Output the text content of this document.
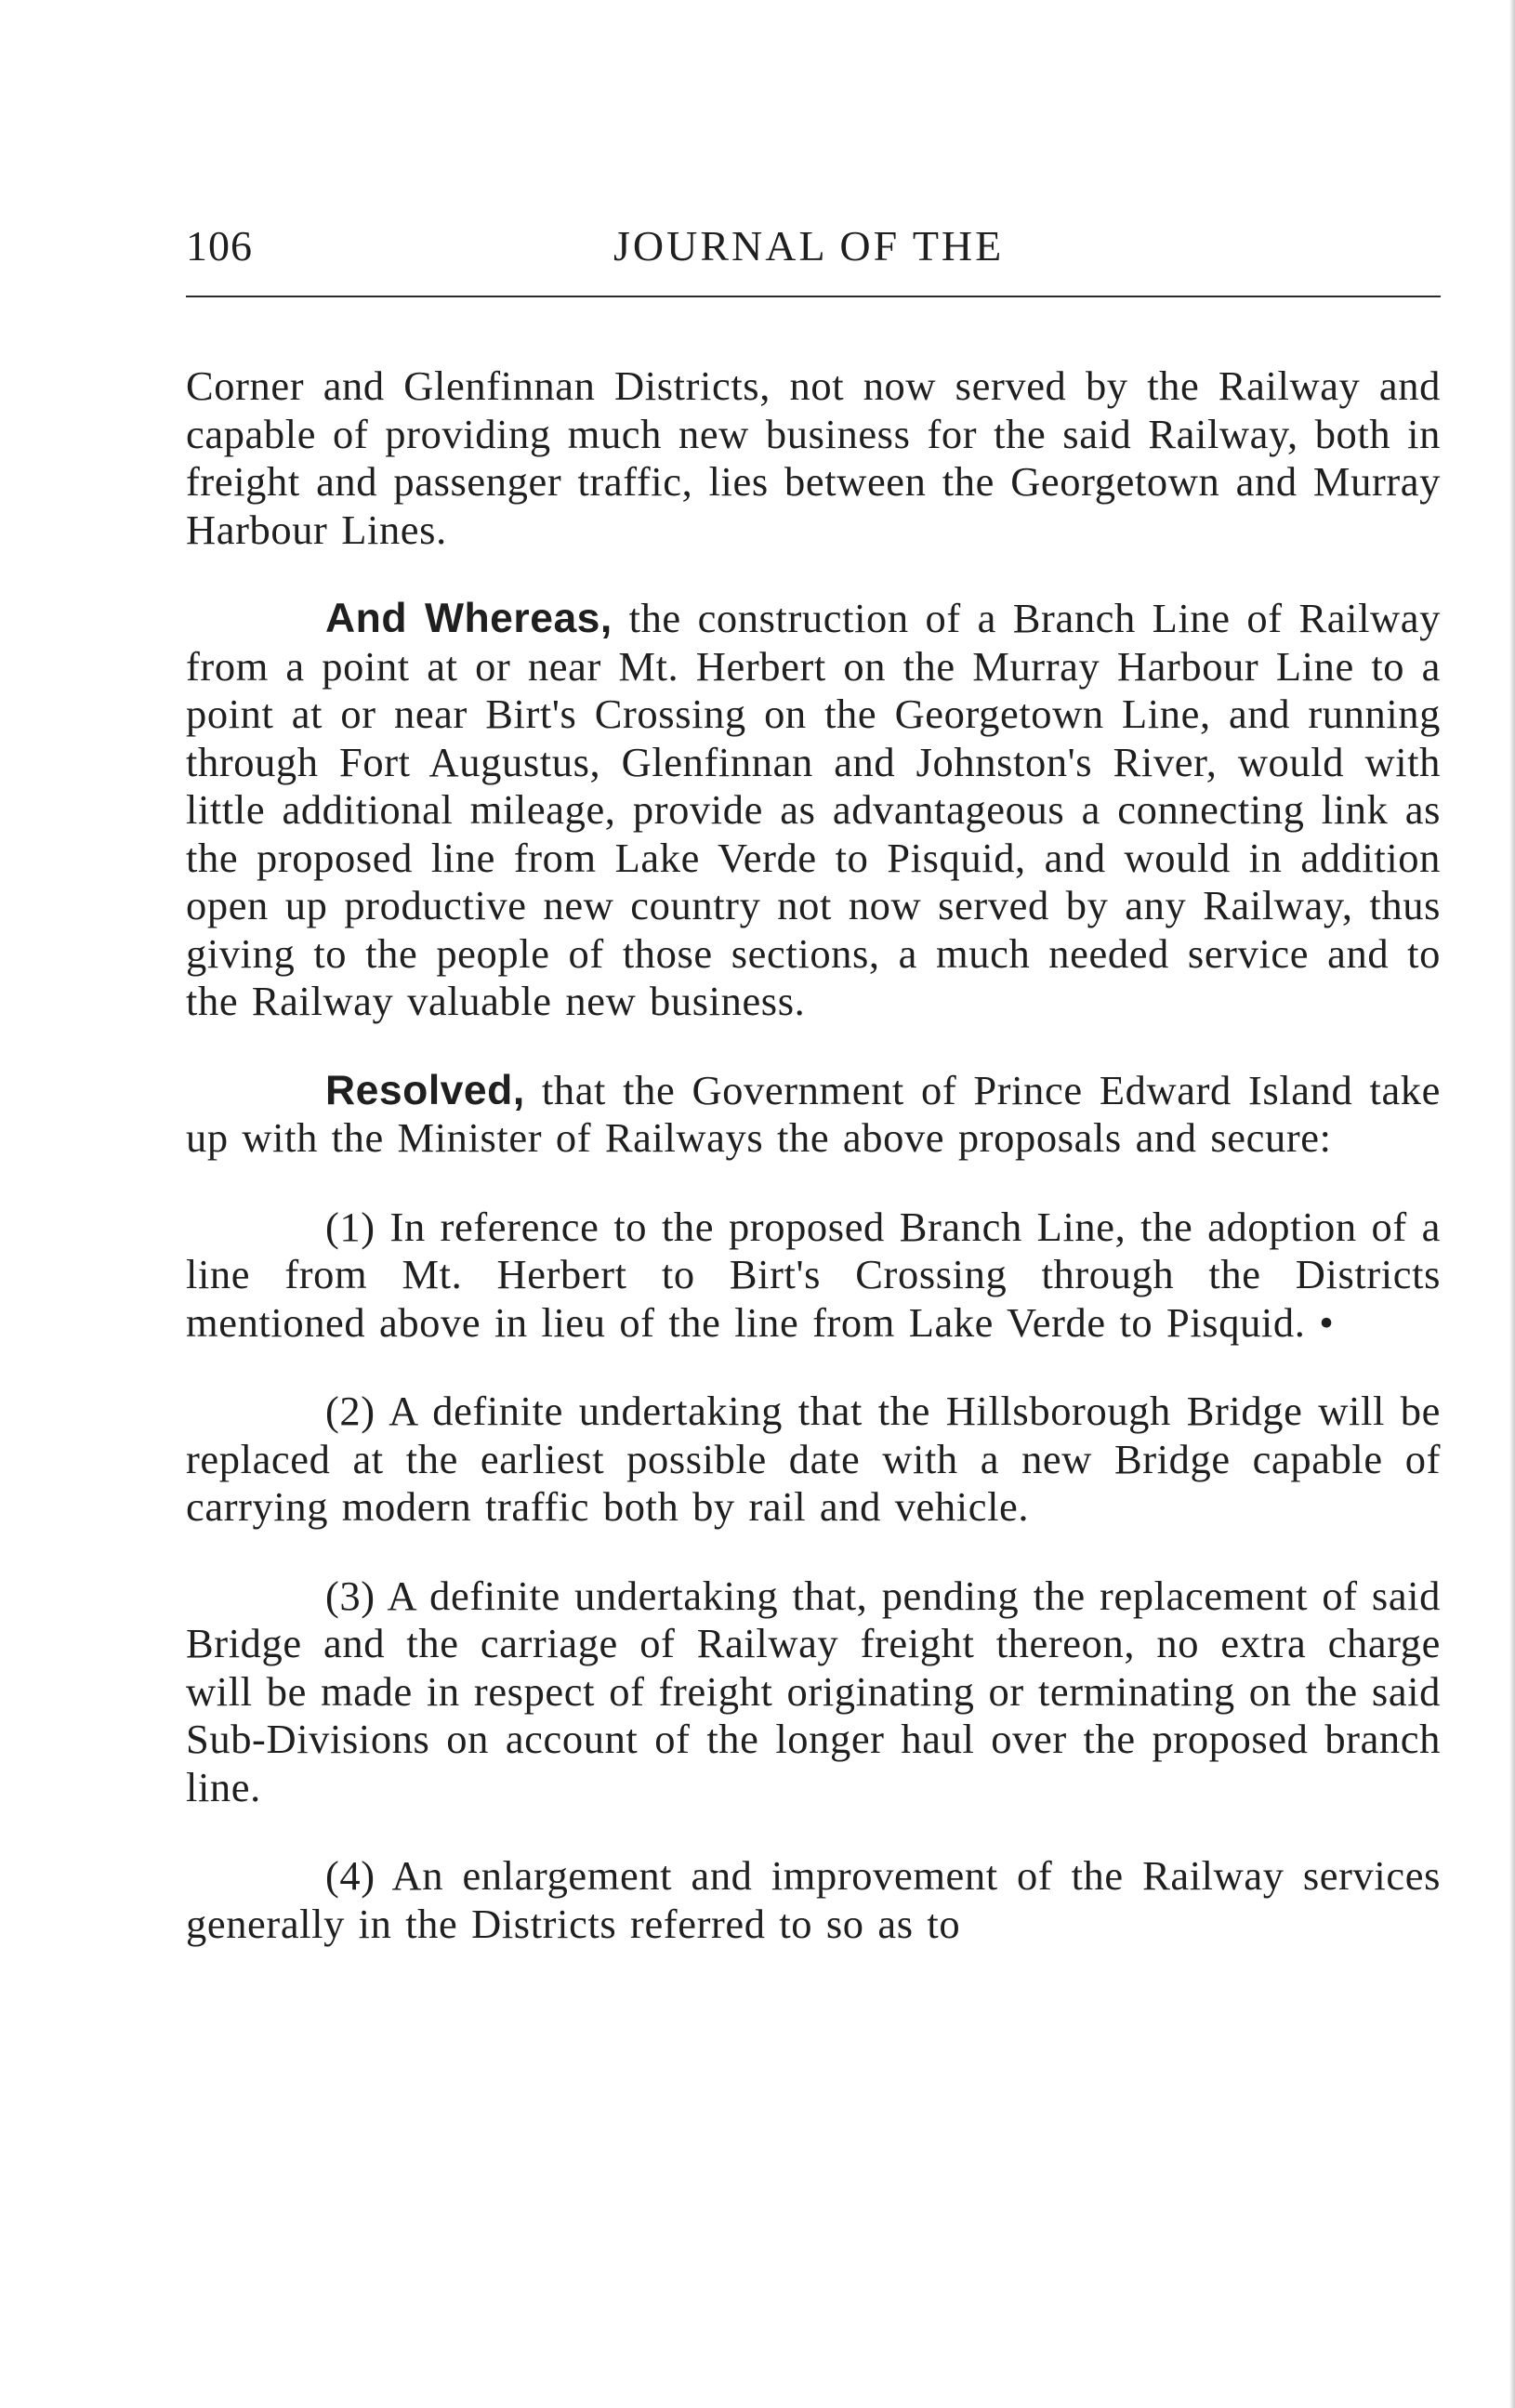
106	JOURNAL OF THE

Corner and Glenfinnan Districts, not now served by the Railway and capable of providing much new business for the said Railway, both in freight and passenger traffic, lies between the Georgetown and Murray Harbour Lines.

And Whereas, the construction of a Branch Line of Railway from a point at or near Mt. Herbert on the Murray Harbour Line to a point at or near Birt's Crossing on the Georgetown Line, and running through Fort Augustus, Glenfinnan and Johnston's River, would with little additional mileage, provide as advantageous a connecting link as the proposed line from Lake Verde to Pisquid, and would in addition open up productive new country not now served by any Railway, thus giving to the people of those sections, a much needed service and to the Railway valuable new business.

Resolved, that the Government of Prince Edward Island take up with the Minister of Railways the above proposals and secure:

(1) In reference to the proposed Branch Line, the adoption of a line from Mt. Herbert to Birt's Crossing through the Districts mentioned above in lieu of the line from Lake Verde to Pisquid. •

(2) A definite undertaking that the Hillsborough Bridge will be replaced at the earliest possible date with a new Bridge capable of carrying modern traffic both by rail and vehicle.

(3) A definite undertaking that, pending the replacement of said Bridge and the carriage of Railway freight thereon, no extra charge will be made in respect of freight originating or terminating on the said Sub-Divisions on account of the longer haul over the proposed branch line.

(4) An enlargement and improvement of the Railway services generally in the Districts referred to so as to
